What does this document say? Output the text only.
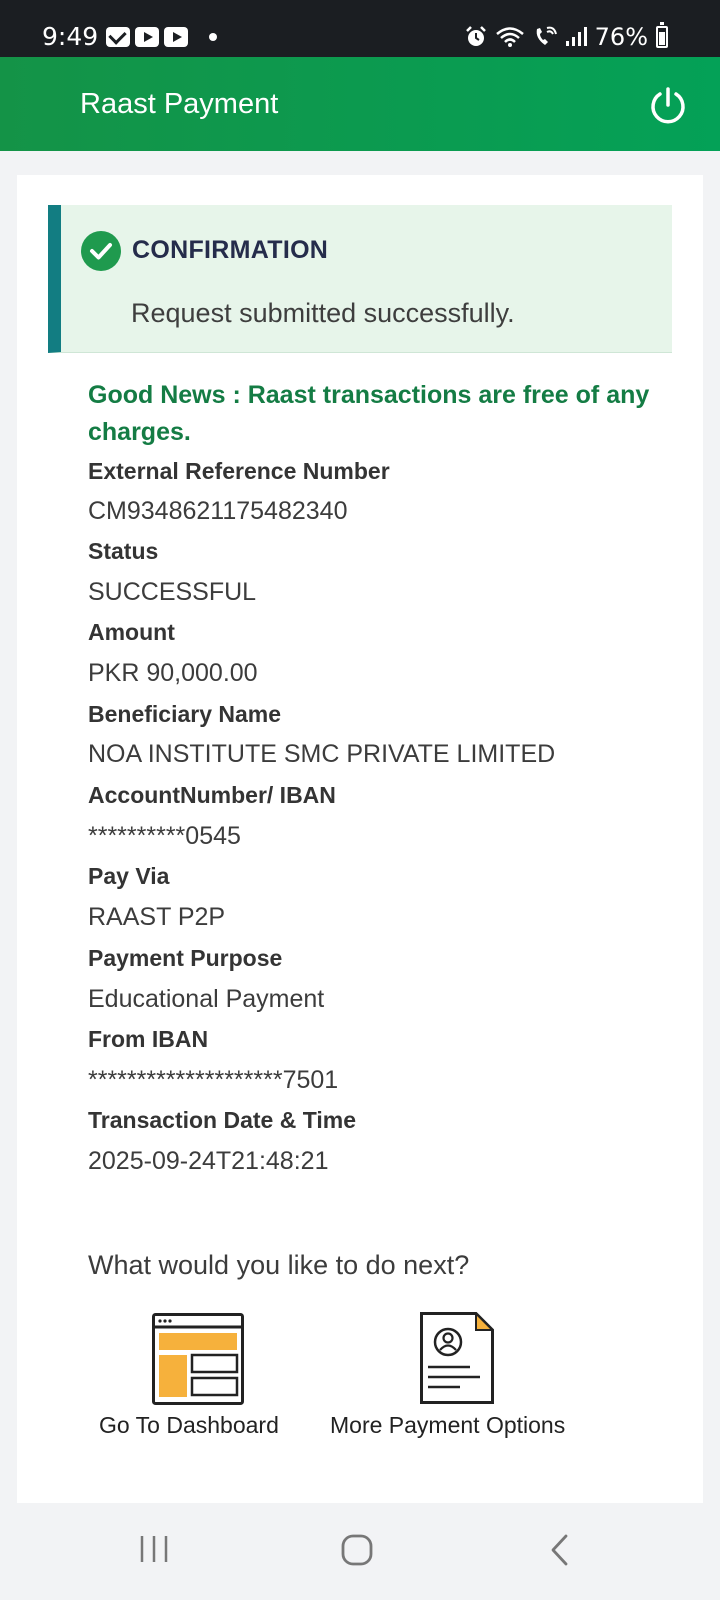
9:49	76%
Raast Payment
CONFIRMATION
Request submitted successfully.
Good News : Raast transactions are free of any charges.
External Reference Number
CM9348621175482340
Status
SUCCESSFUL
Amount
PKR 90,000.00
Beneficiary Name
NOA INSTITUTE SMC PRIVATE LIMITED
AccountNumber/ IBAN
**********0545
Pay Via
RAAST P2P
Payment Purpose
Educational Payment
From IBAN
********************7501
Transaction Date & Time
2025-09-24T21:48:21
What would you like to do next?
Go To Dashboard More Payment Options
